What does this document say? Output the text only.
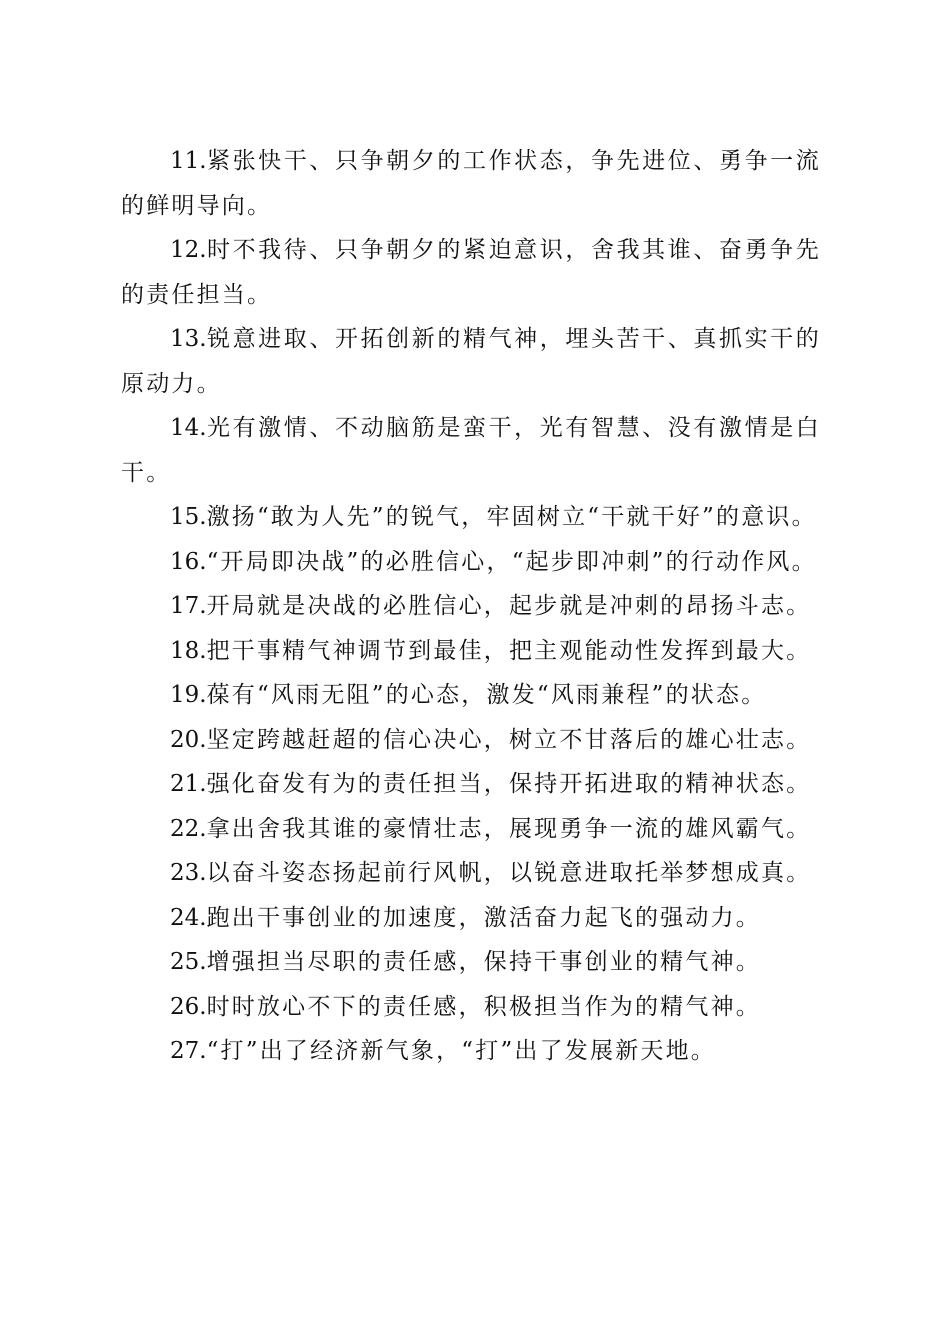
11.紧张快干、只争朝夕的工作状态，争先进位、勇争一流的鲜明导向。

12.时不我待、只争朝夕的紧迫意识，舍我其谁、奋勇争先的责任担当。

13.锐意进取、开拓创新的精气神，埋头苦干、真抓实干的原动力。

14.光有激情、不动脑筋是蛮干，光有智慧、没有激情是白干。

15.激扬“敢为人先”的锐气，牢固树立“干就干好”的意识。

16.“开局即决战”的必胜信心，“起步即冲刺”的行动作风。

17.开局就是决战的必胜信心，起步就是冲刺的昂扬斗志。

18.把干事精气神调节到最佳，把主观能动性发挥到最大。

19.葆有“风雨无阻”的心态，激发“风雨兼程”的状态。

20.坚定跨越赶超的信心决心，树立不甘落后的雄心壮志。

21.强化奋发有为的责任担当，保持开拓进取的精神状态。

22.拿出舍我其谁的豪情壮志，展现勇争一流的雄风霸气。

23.以奋斗姿态扬起前行风帆，以锐意进取托举梦想成真。

24.跑出干事创业的加速度，激活奋力起飞的强动力。

25.增强担当尽职的责任感，保持干事创业的精气神。

26.时时放心不下的责任感，积极担当作为的精气神。

27.“打”出了经济新气象，“打”出了发展新天地。
